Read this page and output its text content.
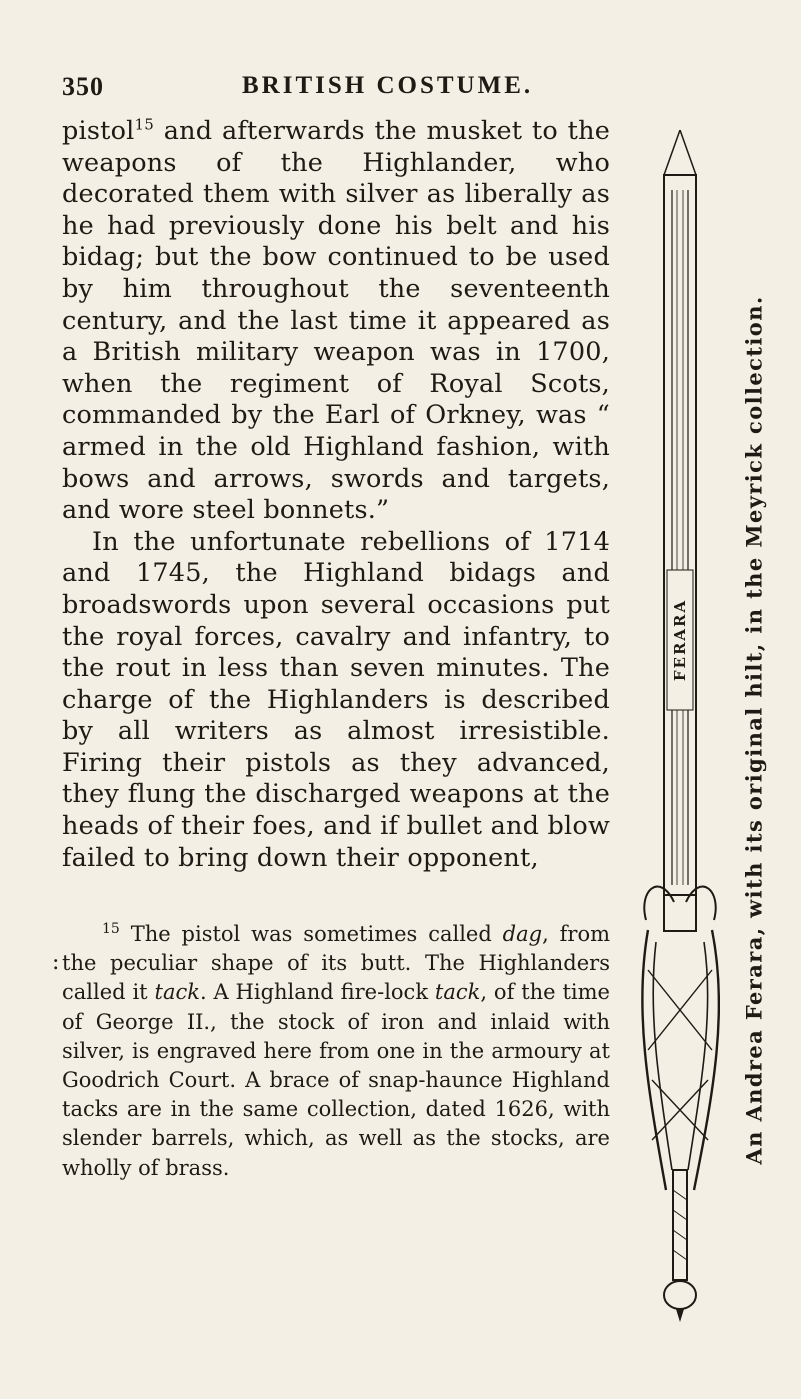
350	BRITISH COSTUME.

pistol$^{15}$ and afterwards the musket to the weapons of the Highlander, who decorated them with silver as liberally as he had previously done his belt and his bidag; but the bow continued to be used by him throughout the seventeenth century, and the last time it appeared as a British military weapon was in 1700, when the regiment of Royal Scots, commanded by the Earl of Orkney, was “ armed in the old Highland fashion, with bows and arrows, swords and targets, and wore steel bonnets.”

In the unfortunate rebellions of 1714 and 1745, the Highland bidags and broadswords upon several occasions put the royal forces, cavalry and infantry, to the rout in less than seven minutes. The charge of the Highlanders is described by all writers as almost irresistible. Firing their pistols as they advanced, they flung the discharged weapons at the heads of their foes, and if bullet and blow failed to bring down their opponent,

:

$^{15}$ The pistol was sometimes called dag, from the peculiar shape of its butt. The Highlanders called it tack. A Highland fire-lock tack, of the time of George II., the stock of iron and inlaid with silver, is engraved here from one in the armoury at Goodrich Court. A brace of snap-haunce Highland tacks are in the same collection, dated 1626, with slender barrels, which, as well as the stocks, are wholly of brass.

FERARA	An Andrea Ferara, with its original hilt, in the Meyrick collection.
